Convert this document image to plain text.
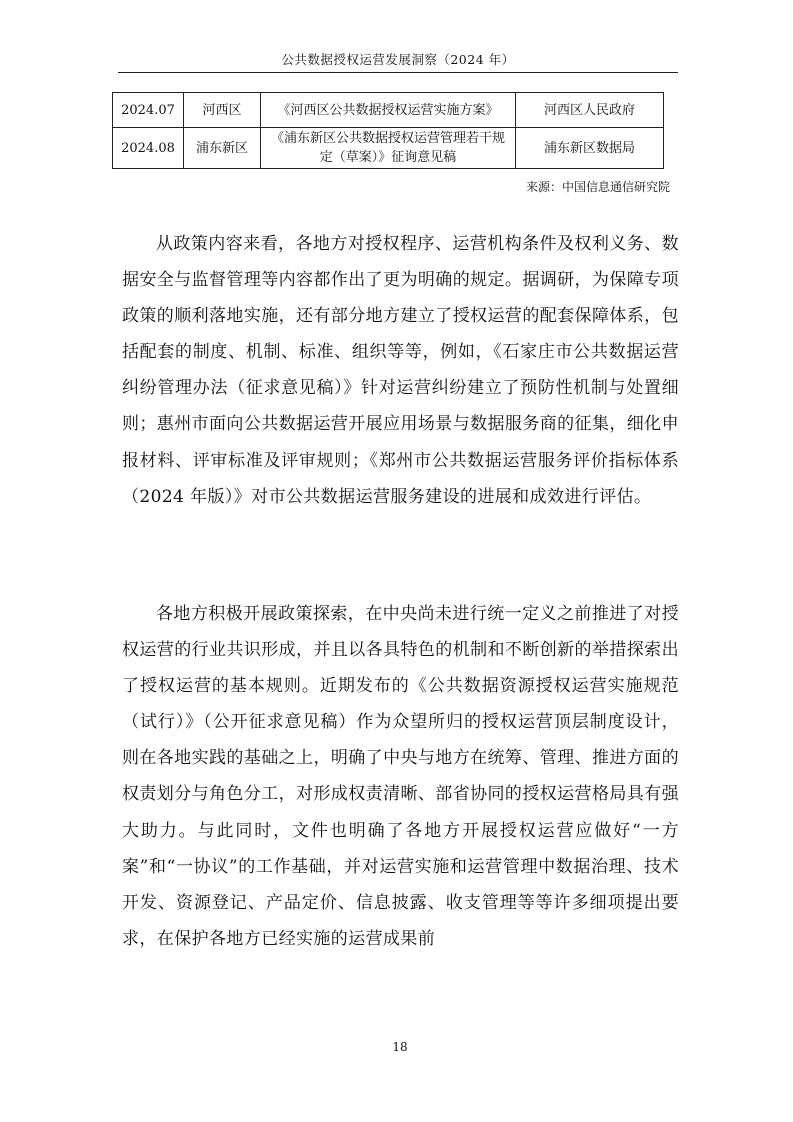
公共数据授权运营发展洞察（2024 年）
2024.07	河西区	《河西区公共数据授权运营实施方案》	河西区人民政府
2024.08	浦东新区	《浦东新区公共数据授权运营管理若干规定（草案）》征询意见稿	浦东新区数据局
来源：中国信息通信研究院

从政策内容来看，各地方对授权程序、运营机构条件及权利义务、数据安全与监督管理等内容都作出了更为明确的规定。据调研，为保障专项政策的顺利落地实施，还有部分地方建立了授权运营的配套保障体系，包括配套的制度、机制、标准、组织等等，例如，《石家庄市公共数据运营纠纷管理办法（征求意见稿）》针对运营纠纷建立了预防性机制与处置细则；惠州市面向公共数据运营开展应用场景与数据服务商的征集，细化申报材料、评审标准及评审规则；《郑州市公共数据运营服务评价指标体系（2024 年版）》对市公共数据运营服务建设的进展和成效进行评估。

各地方积极开展政策探索，在中央尚未进行统一定义之前推进了对授权运营的行业共识形成，并且以各具特色的机制和不断创新的举措探索出了授权运营的基本规则。近期发布的《公共数据资源授权运营实施规范（试行）》（公开征求意见稿）作为众望所归的授权运营顶层制度设计，则在各地实践的基础之上，明确了中央与地方在统筹、管理、推进方面的权责划分与角色分工，对形成权责清晰、部省协同的授权运营格局具有强大助力。与此同时，文件也明确了各地方开展授权运营应做好“一方案”和“一协议”的工作基础，并对运营实施和运营管理中数据治理、技术开发、资源登记、产品定价、信息披露、收支管理等等许多细项提出要求，在保护各地方已经实施的运营成果前

18
